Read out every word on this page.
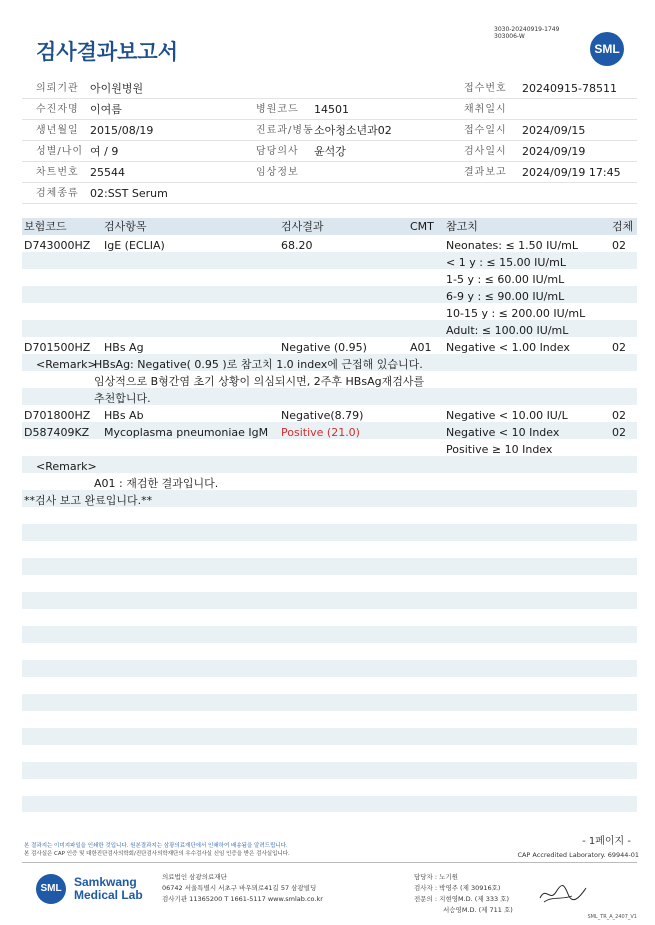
검사결과보고서
3030-20240919-1749
303006-W
SML
의뢰기관 아이원병원	접수번호 20240915-78511
수진자명 이여름	병원코드 14501	채취일시
생년월일 2015/08/19	진료과/병동 소아청소년과02	접수일시 2024/09/15
성별/나이 여 / 9	담당의사 윤석강	검사일시 2024/09/19
차트번호 25544	임상정보	결과보고 2024/09/19 17:45
검체종류 02:SST Serum
보험코드	검사항목	검사결과	CMT 참고치	검체
D743000HZ IgE (ECLIA)	68.20	Neonates: ≤ 1.50 IU/mL	02
< 1 y : ≤ 15.00 IU/mL
1-5 y : ≤ 60.00 IU/mL
6-9 y : ≤ 90.00 IU/mL
10-15 y : ≤ 200.00 IU/mL
Adult: ≤ 100.00 IU/mL
D701500HZ HBs Ag	Negative (0.95)	A01 Negative < 1.00 Index	02
<Remark>
HBsAg: Negative( 0.95 )로 참고치 1.0 index에 근접해 있습니다.
임상적으로 B형간염 초기 상황이 의심되시면, 2주후 HBsAg재검사를
추천합니다.
D701800HZ HBs Ab	Negative(8.79)	Negative < 10.00 IU/L	02
D587409KZ Mycoplasma pneumoniae IgM Positive (21.0)	Negative < 10 Index	02
Positive ≥ 10 Index
<Remark>
A01 : 재검한 결과입니다.
**검사 보고 완료입니다.**
- 1페이지 -
본 결과지는 이미지파일을 인쇄한 것입니다. 원본결과지는 삼광의료재단에서 인쇄하여 배송됨을 알려드립니다.
본 검사실은 CAP 인증 및 대한진단검사의학회/진단검사의학재단의 우수검사실 신임 인증을 받은 검사실입니다.	CAP Accredited Laboratory. 69944-01
SML	Samkwang
Medical Lab
의료법인 삼광의료재단
06742 서울특별시 서초구 바우뫼로41길 57 삼광빌딩
검사기관 11365200 T 1661-5117 www.smlab.co.kr
담당자 : 노기원
검사자 : 박영주 (제 30916호)
전문의 : 지현영M.D. (제 333 호)
서승영M.D. (제 711 호)
SML_TR_A_2407_V1
